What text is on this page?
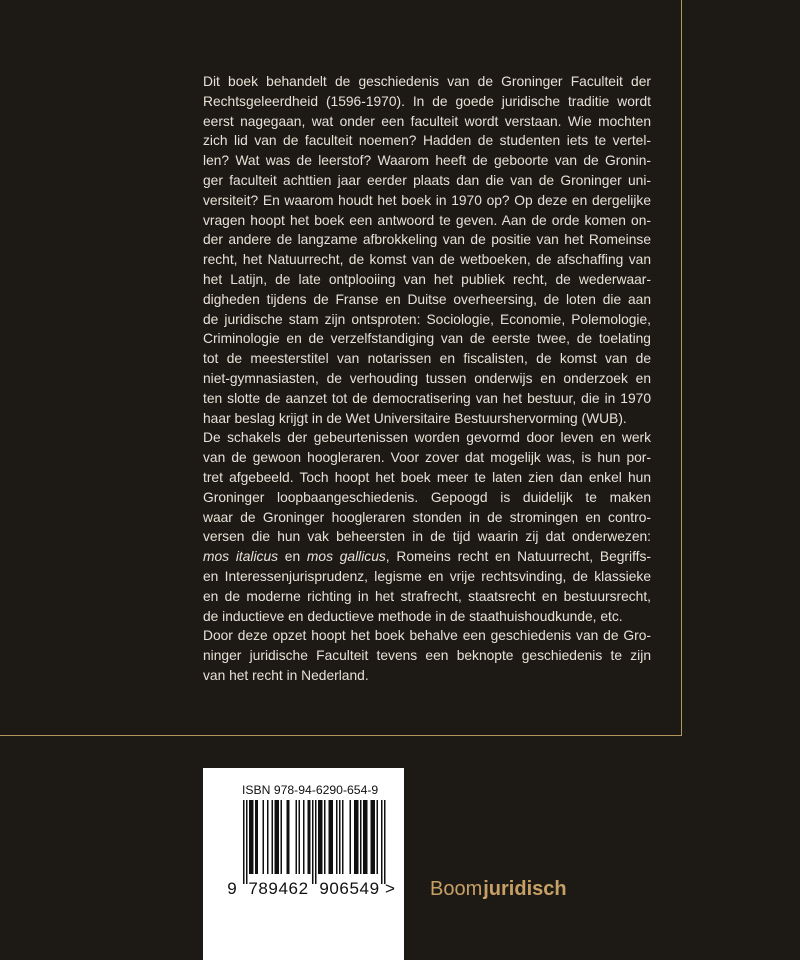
Dit boek behandelt de geschiedenis van de Groninger Faculteit der
Rechtsgeleerdheid (1596-1970). In de goede juridische traditie wordt
eerst nagegaan, wat onder een faculteit wordt verstaan. Wie mochten
zich lid van de faculteit noemen? Hadden de studenten iets te vertel-
len? Wat was de leerstof? Waarom heeft de geboorte van de Gronin-
ger faculteit achttien jaar eerder plaats dan die van de Groninger uni-
versiteit? En waarom houdt het boek in 1970 op? Op deze en dergelijke
vragen hoopt het boek een antwoord te geven. Aan de orde komen on-
der andere de langzame afbrokkeling van de positie van het Romeinse
recht, het Natuurrecht, de komst van de wetboeken, de afschaffing van
het Latijn, de late ontplooiing van het publiek recht, de wederwaar-
digheden tijdens de Franse en Duitse overheersing, de loten die aan
de juridische stam zijn ontsproten: Sociologie, Economie, Polemologie,
Criminologie en de verzelfstandiging van de eerste twee, de toelating
tot de meesterstitel van notarissen en fiscalisten, de komst van de
niet-gymnasiasten, de verhouding tussen onderwijs en onderzoek en
ten slotte de aanzet tot de democratisering van het bestuur, die in 1970
haar beslag krijgt in de Wet Universitaire Bestuurshervorming (WUB).
De schakels der gebeurtenissen worden gevormd door leven en werk
van de gewoon hoogleraren. Voor zover dat mogelijk was, is hun por-
tret afgebeeld. Toch hoopt het boek meer te laten zien dan enkel hun
Groninger loopbaangeschiedenis. Gepoogd is duidelijk te maken
waar de Groninger hoogleraren stonden in de stromingen en contro-
versen die hun vak beheersten in de tijd waarin zij dat onderwezen:
mos italicus en mos gallicus, Romeins recht en Natuurrecht, Begriffs-
en Interessenjurisprudenz, legisme en vrije rechtsvinding, de klassieke
en de moderne richting in het strafrecht, staatsrecht en bestuursrecht,
de inductieve en deductieve methode in de staathuishoudkunde, etc.
Door deze opzet hoopt het boek behalve een geschiedenis van de Gro-
ninger juridische Faculteit tevens een beknopte geschiedenis te zijn
van het recht in Nederland.
ISBN 978-94-6290-654-9
9 789462 906549 > Boomjuridisch
